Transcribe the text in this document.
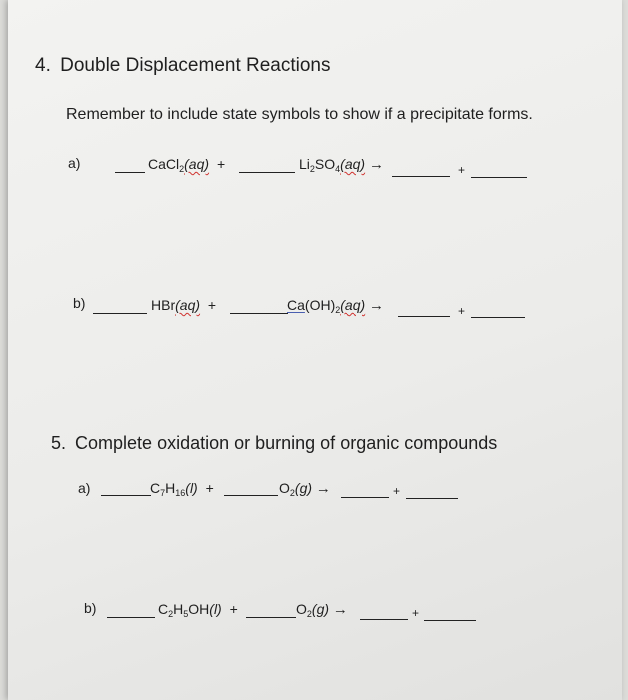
4. Double Displacement Reactions
Remember to include state symbols to show if a precipitate forms.
a)	CaCl$_2$(aq) +	$Li_2SO_4(aq)$ →	+
b)	HBr(aq) +	$Ca(OH)_2(aq)$ →	+
5. Complete oxidation or burning of organic compounds
a)	$C_7H_{16}(l)$ +	$O_2(g)$ →	+
b)	$C_2H_5OH(l)$ +	$O_2(g)$ →	+
